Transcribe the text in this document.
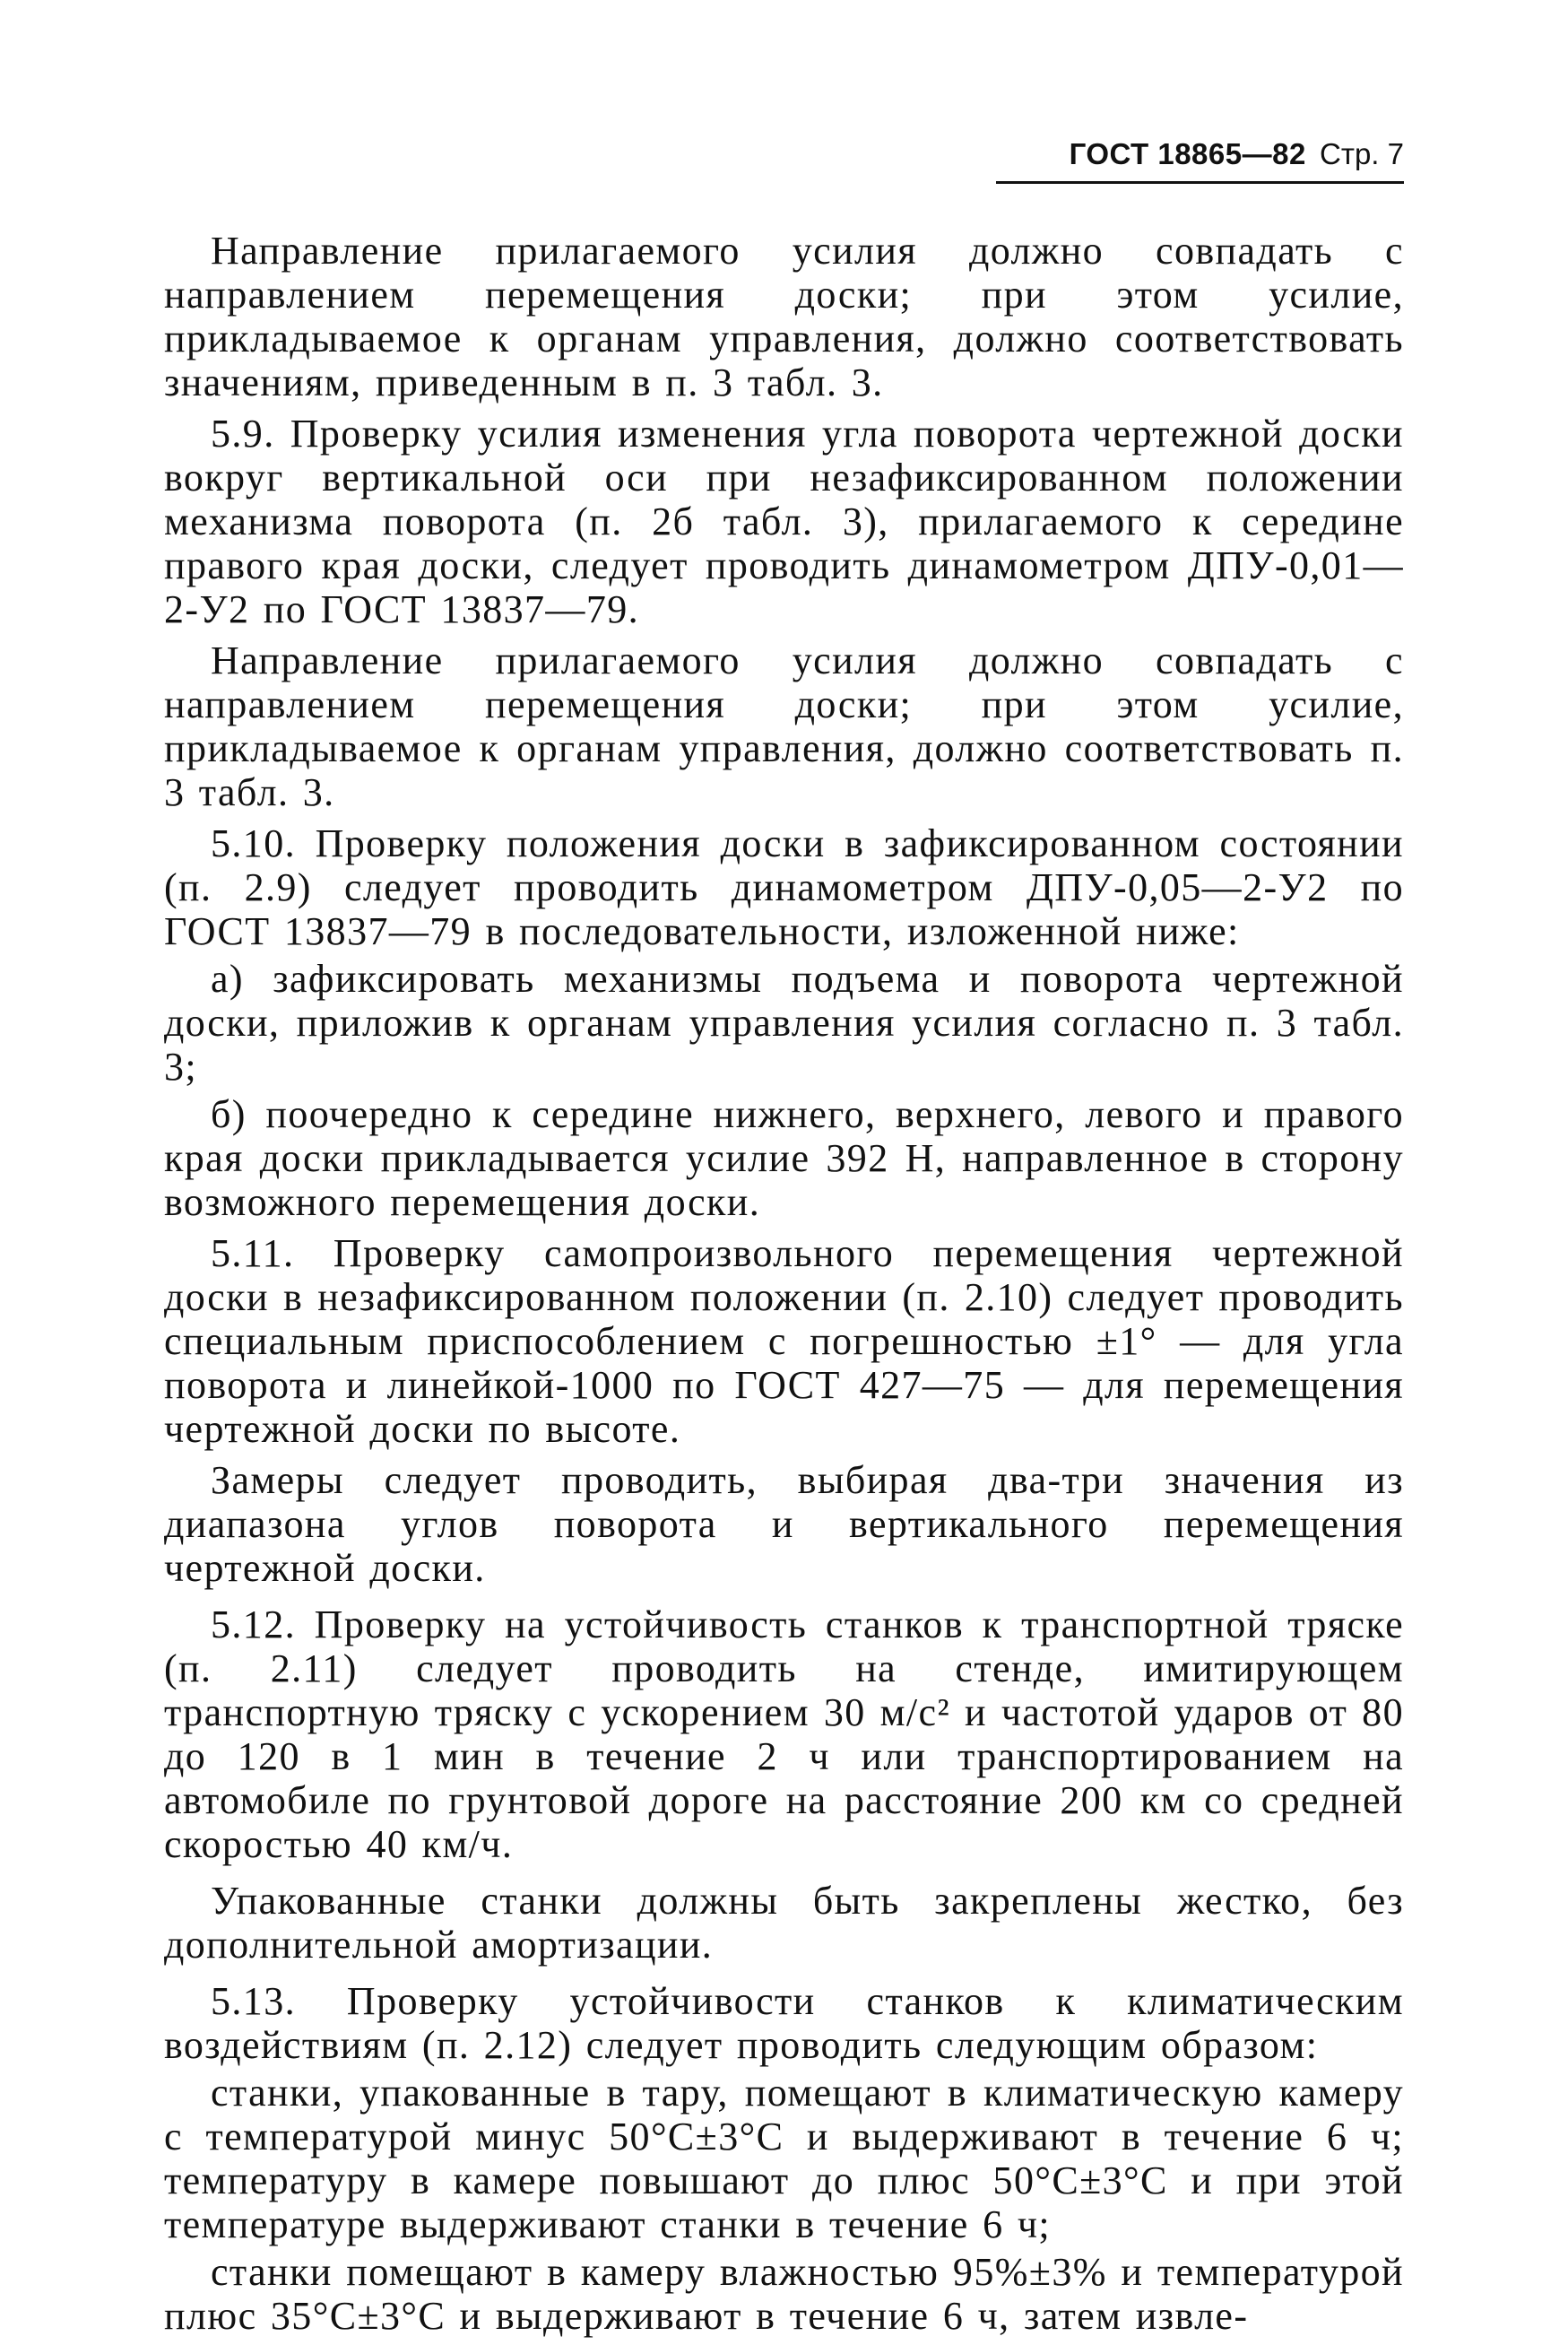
ГОСТ 18865—82 Стр. 7

Направление прилагаемого усилия должно совпадать с направлением перемещения доски; при этом усилие, прикладываемое к органам управления, должно соответствовать значениям, приведенным в п. 3 табл. 3.

5.9. Проверку усилия изменения угла поворота чертежной доски вокруг вертикальной оси при незафиксированном положении механизма поворота (п. 2б табл. 3), прилагаемого к середине правого края доски, следует проводить динамометром ДПУ-0,01—2-У2 по ГОСТ 13837—79.

Направление прилагаемого усилия должно совпадать с направлением перемещения доски; при этом усилие, прикладываемое к органам управления, должно соответствовать п. 3 табл. 3.

5.10. Проверку положения доски в зафиксированном состоянии (п. 2.9) следует проводить динамометром ДПУ-0,05—2-У2 по ГОСТ 13837—79 в последовательности, изложенной ниже:

а) зафиксировать механизмы подъема и поворота чертежной доски, приложив к органам управления усилия согласно п. 3 табл. 3;

б) поочередно к середине нижнего, верхнего, левого и правого края доски прикладывается усилие 392 Н, направленное в сторону возможного перемещения доски.

5.11. Проверку самопроизвольного перемещения чертежной доски в незафиксированном положении (п. 2.10) следует проводить специальным приспособлением с погрешностью ±1° — для угла поворота и линейкой-1000 по ГОСТ 427—75 — для перемещения чертежной доски по высоте.

Замеры следует проводить, выбирая два-три значения из диапазона углов поворота и вертикального перемещения чертежной доски.

5.12. Проверку на устойчивость станков к транспортной тряске (п. 2.11) следует проводить на стенде, имитирующем транспортную тряску с ускорением 30 м/с² и частотой ударов от 80 до 120 в 1 мин в течение 2 ч или транспортированием на автомобиле по грунтовой дороге на расстояние 200 км со средней скоростью 40 км/ч.

Упакованные станки должны быть закреплены жестко, без дополнительной амортизации.

5.13. Проверку устойчивости станков к климатическим воздействиям (п. 2.12) следует проводить следующим образом:

станки, упакованные в тару, помещают в климатическую камеру с температурой минус 50°С±3°С и выдерживают в течение 6 ч; температуру в камере повышают до плюс 50°С±3°С и при этой температуре выдерживают станки в течение 6 ч;

станки помещают в камеру влажностью 95%±3% и температурой плюс 35°С±3°С и выдерживают в течение 6 ч, затем извле-
